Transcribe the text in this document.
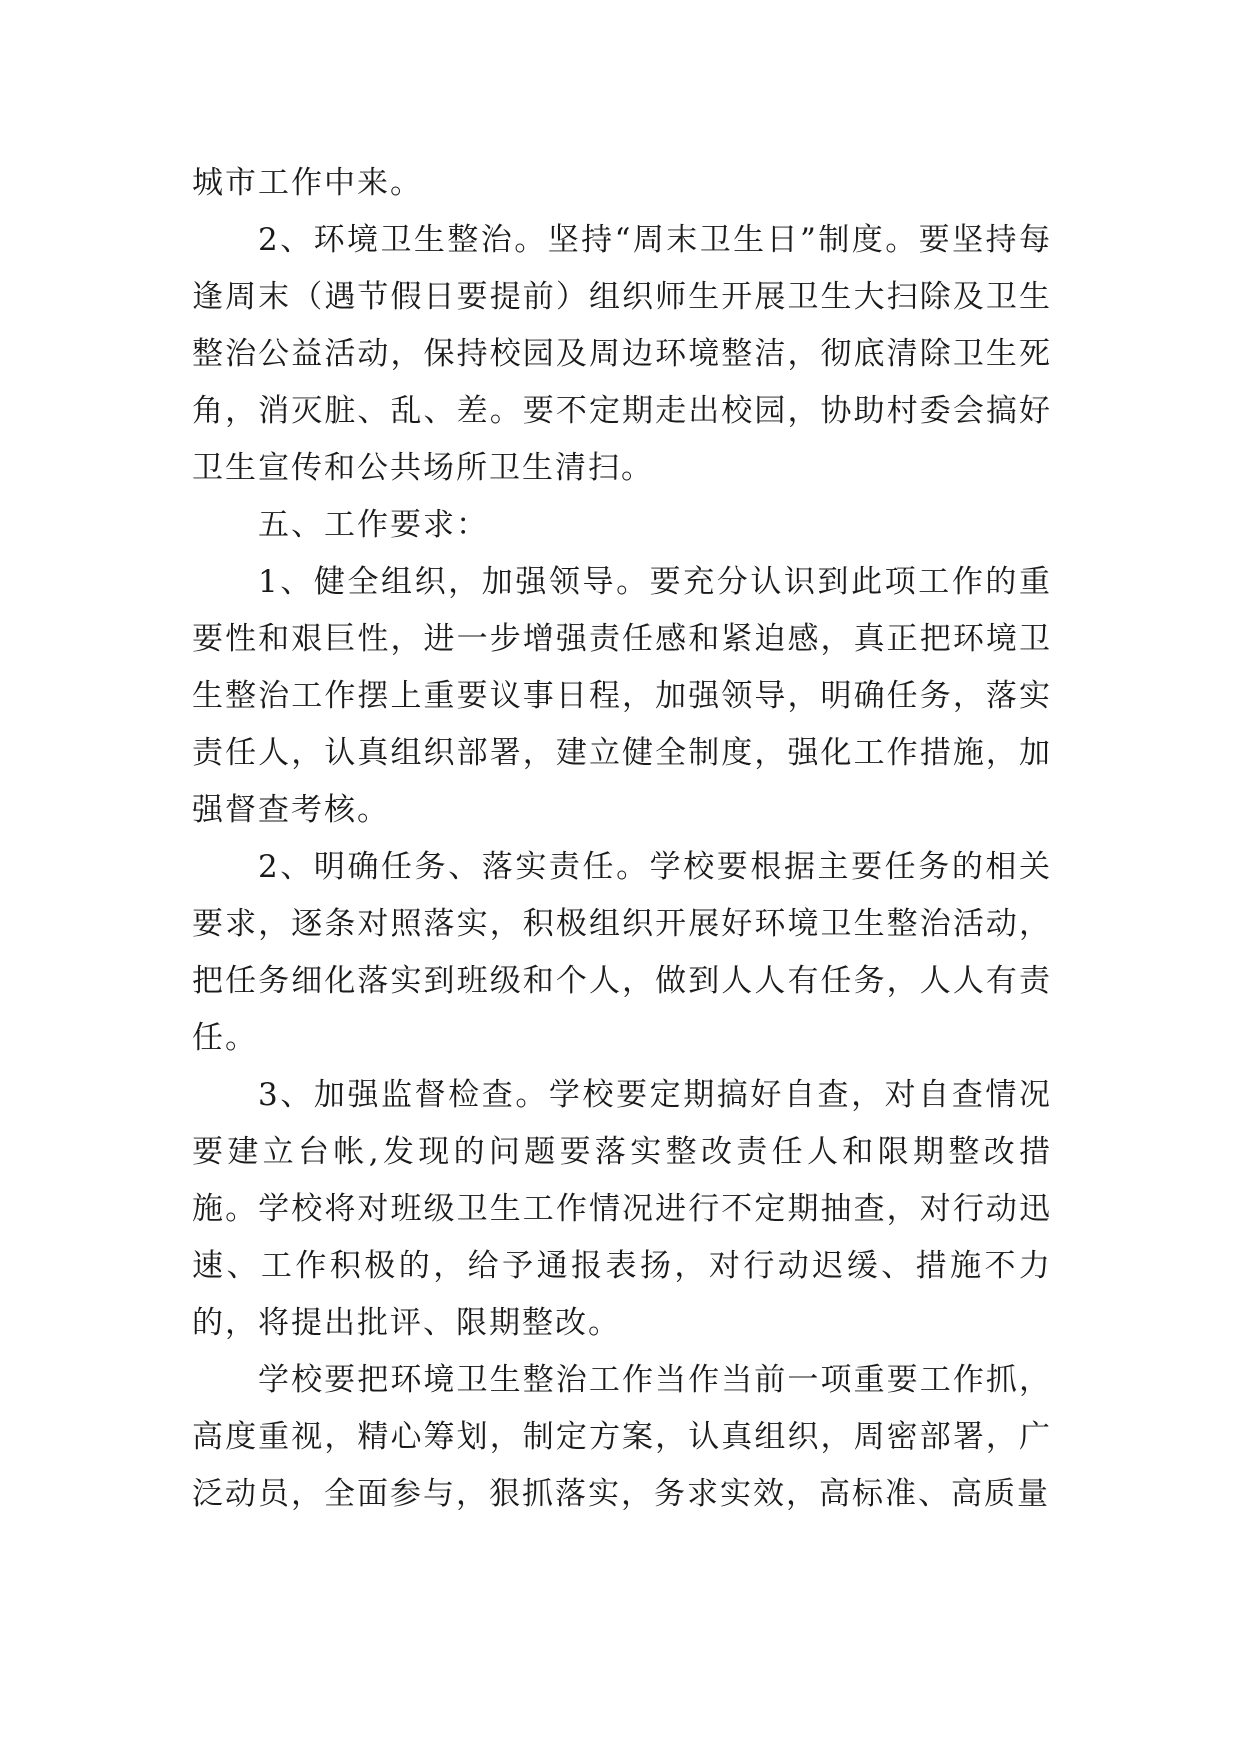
城市工作中来。

2、环境卫生整治。坚持“周末卫生日”制度。要坚持每逢周末（遇节假日要提前）组织师生开展卫生大扫除及卫生整治公益活动，保持校园及周边环境整洁，彻底清除卫生死角，消灭脏、乱、差。要不定期走出校园，协助村委会搞好卫生宣传和公共场所卫生清扫。

五、工作要求：

1、健全组织，加强领导。要充分认识到此项工作的重要性和艰巨性，进一步增强责任感和紧迫感，真正把环境卫生整治工作摆上重要议事日程，加强领导，明确任务，落实责任人，认真组织部署，建立健全制度，强化工作措施，加强督查考核。

2、明确任务、落实责任。学校要根据主要任务的相关要求，逐条对照落实，积极组织开展好环境卫生整治活动，把任务细化落实到班级和个人，做到人人有任务，人人有责任。

3、加强监督检查。学校要定期搞好自查，对自查情况要建立台帐,发现的问题要落实整改责任人和限期整改措施。学校将对班级卫生工作情况进行不定期抽查，对行动迅速、工作积极的，给予通报表扬，对行动迟缓、措施不力的，将提出批评、限期整改。

学校要把环境卫生整治工作当作当前一项重要工作抓，高度重视，精心筹划，制定方案，认真组织，周密部署，广泛动员，全面参与，狠抓落实，务求实效，高标准、高质量
